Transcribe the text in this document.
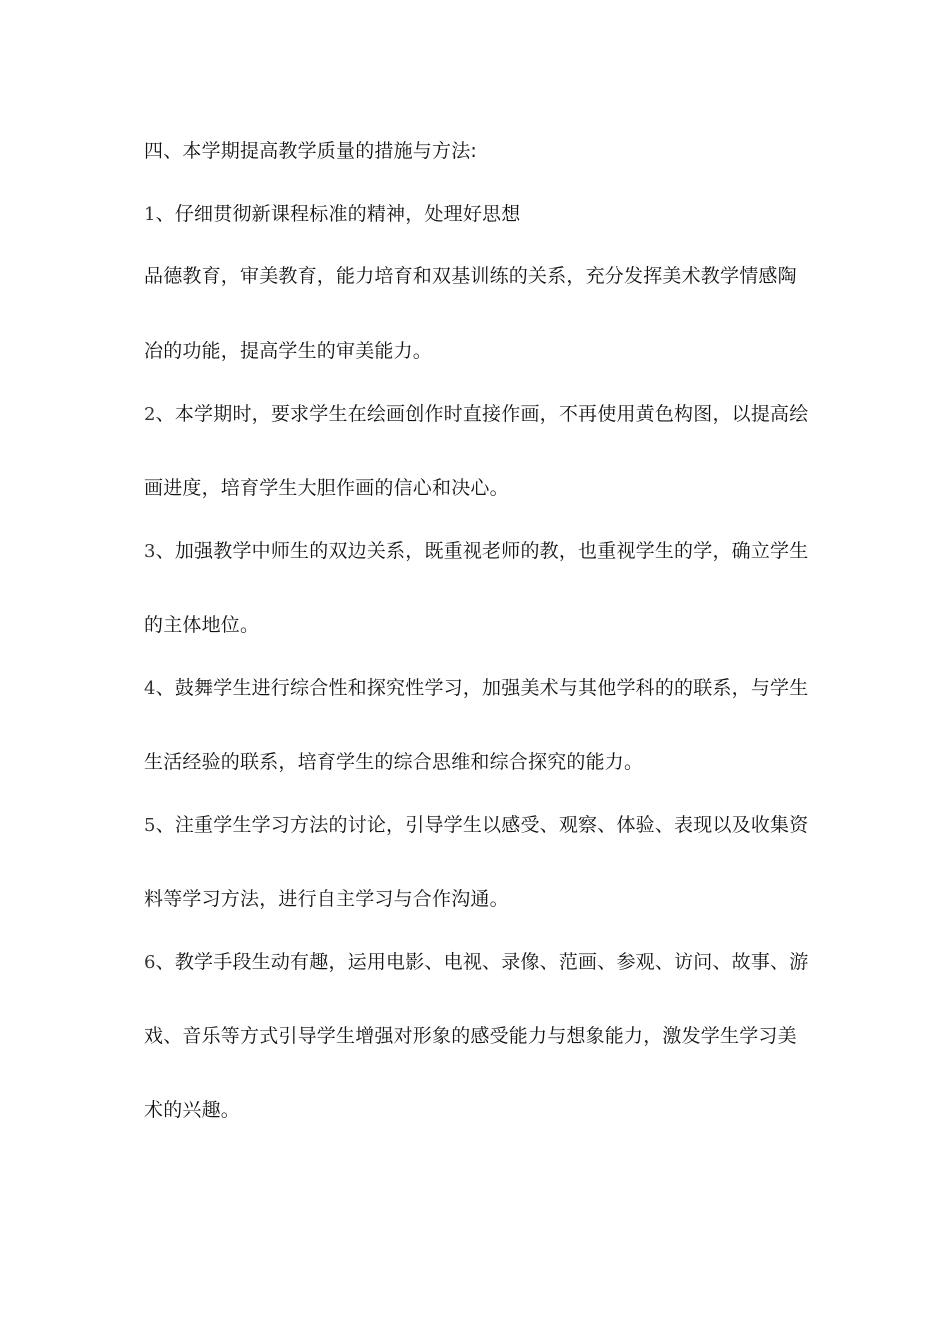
四、本学期提高教学质量的措施与方法:
1、仔细贯彻新课程标准的精神，处理好思想
品德教育，审美教育，能力培育和双基训练的关系，充分发挥美术教学情感陶
冶的功能，提高学生的审美能力。
2、本学期时，要求学生在绘画创作时直接作画，不再使用黄色构图，以提高绘
画进度，培育学生大胆作画的信心和决心。
3、加强教学中师生的双边关系，既重视老师的教，也重视学生的学，确立学生
的主体地位。
4、鼓舞学生进行综合性和探究性学习，加强美术与其他学科的的联系，与学生
生活经验的联系，培育学生的综合思维和综合探究的能力。
5、注重学生学习方法的讨论，引导学生以感受、观察、体验、表现以及收集资
料等学习方法，进行自主学习与合作沟通。
6、教学手段生动有趣，运用电影、电视、录像、范画、参观、访问、故事、游
戏、音乐等方式引导学生增强对形象的感受能力与想象能力，激发学生学习美
术的兴趣。
